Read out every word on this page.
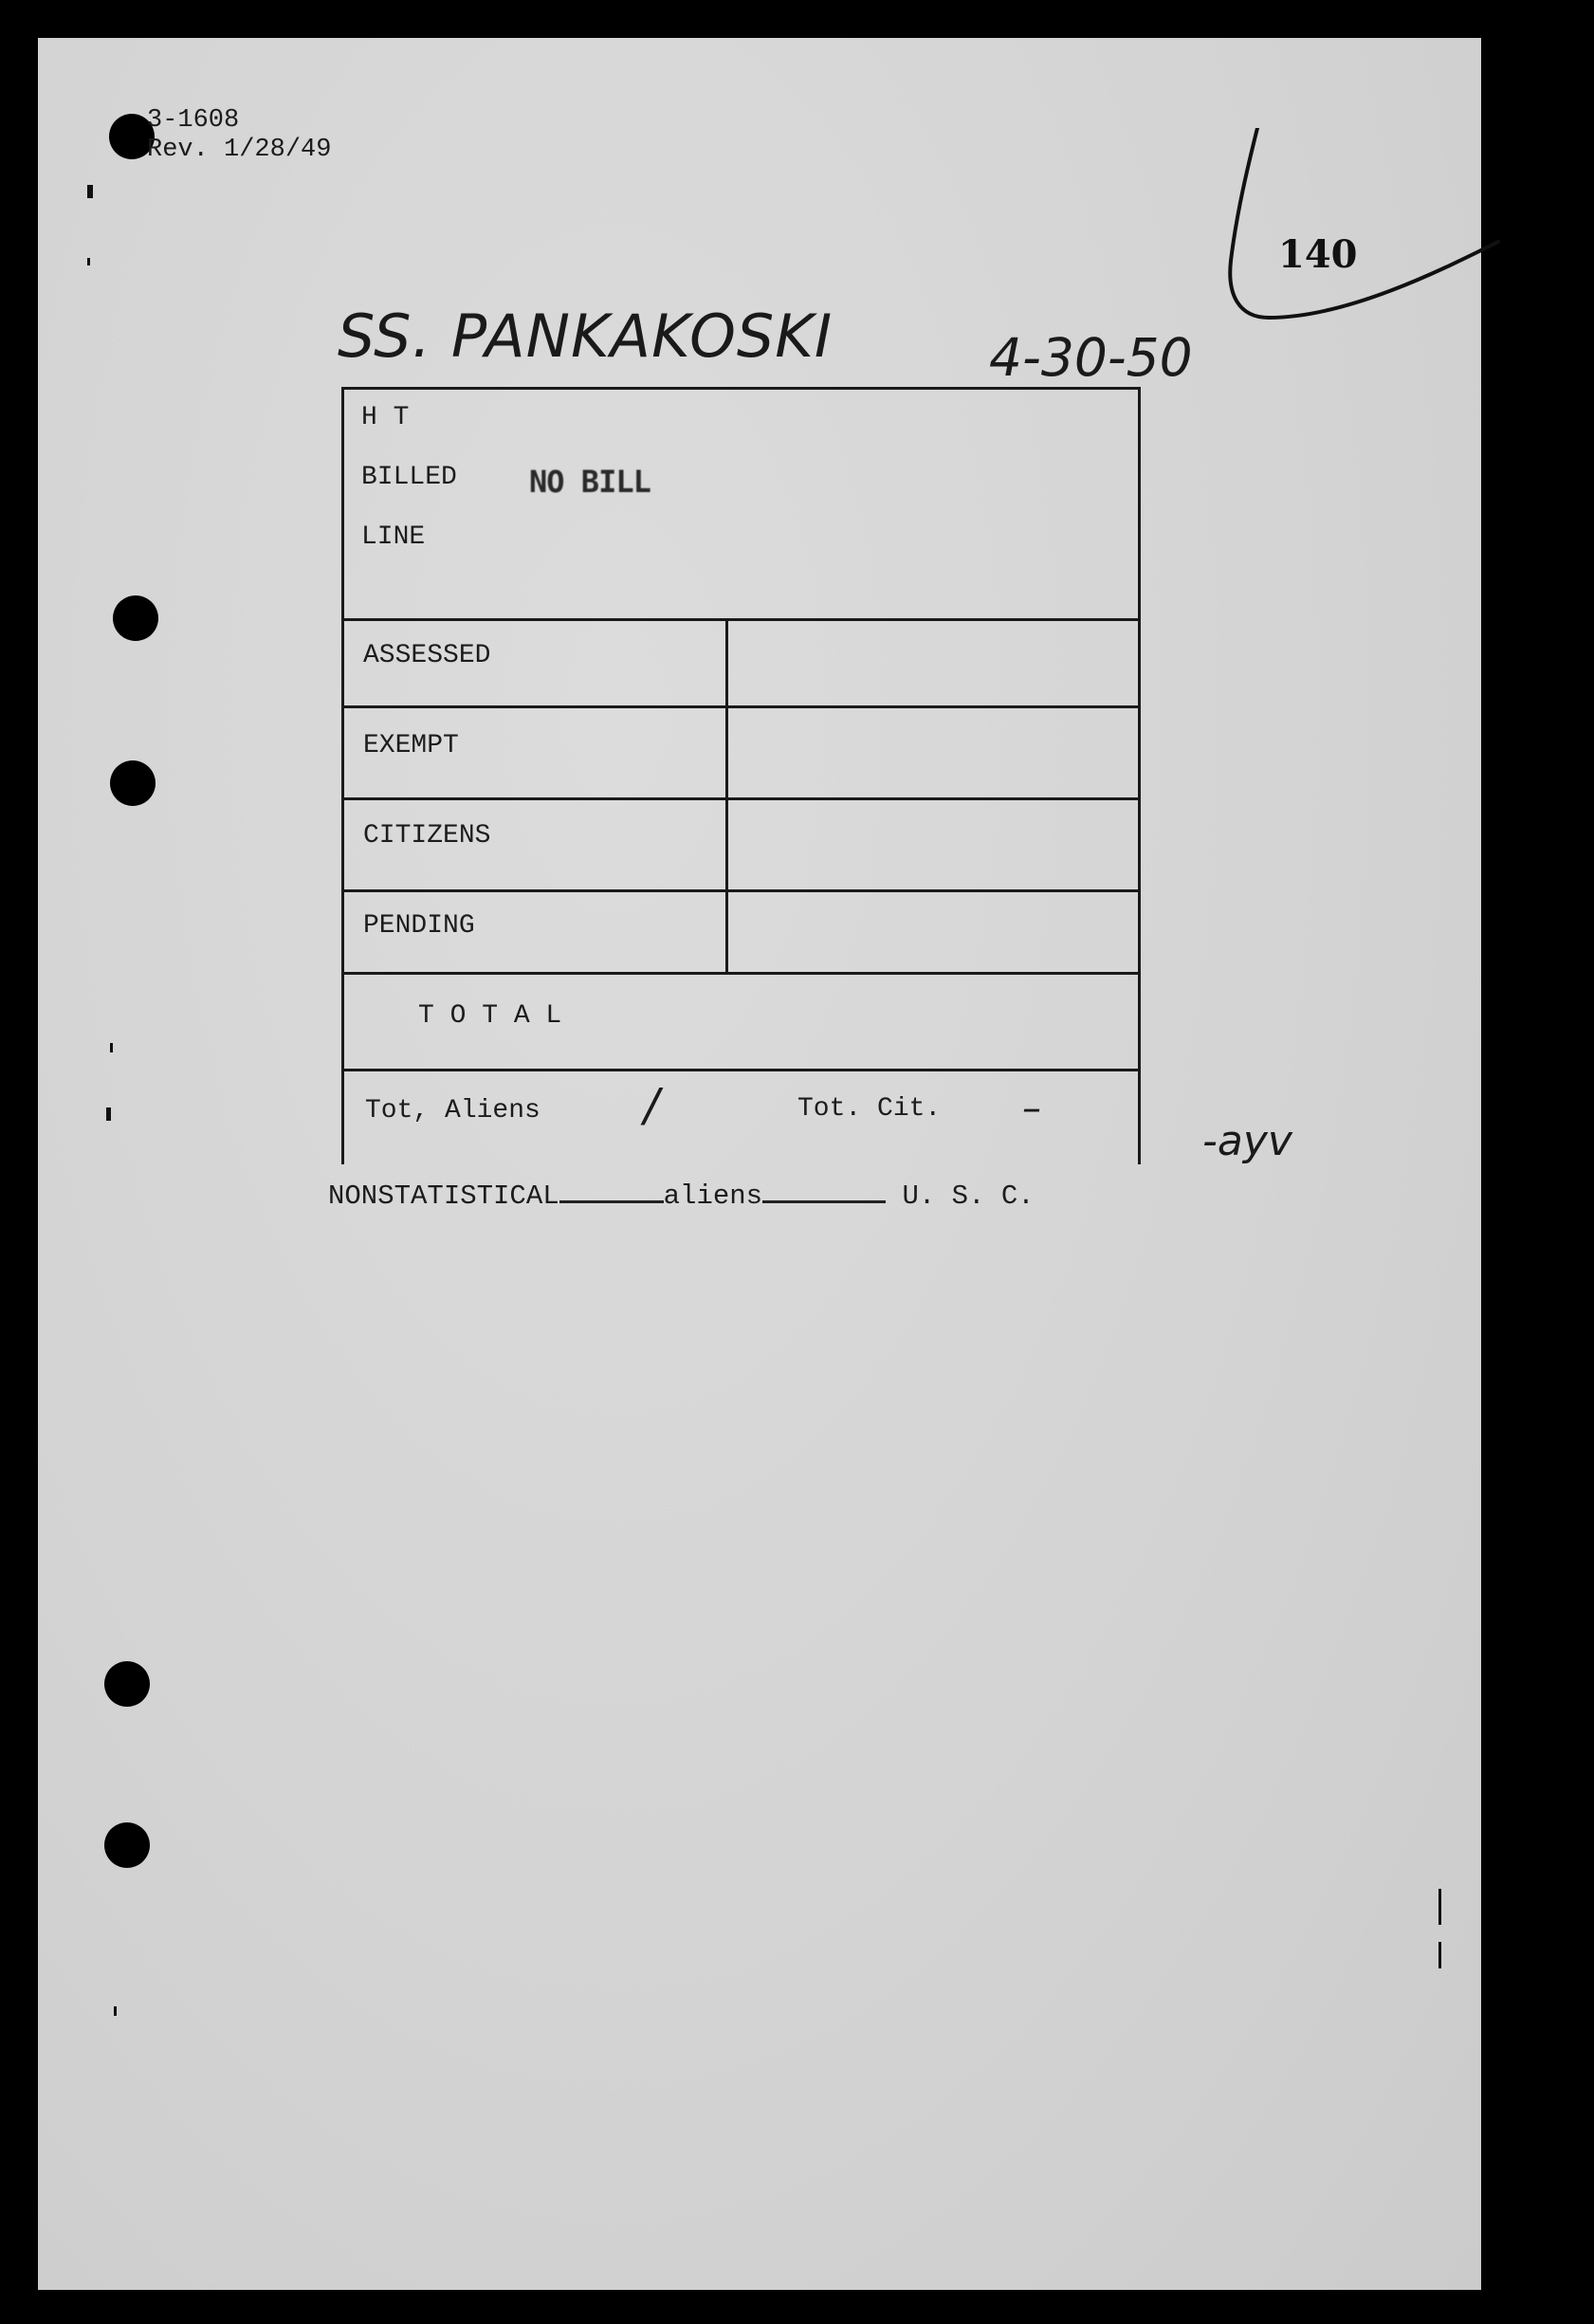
3-1608
Rev. 1/28/49
140
SS. PANKAKOSKI	4-30-50
H T
BILLED NO BILL
LINE
ASSESSED
EXEMPT
CITIZENS
PENDING
T O T A L
Tot, Aliens /	Tot. Cit. –
-ayv
NONSTATISTICAL	aliens	U. S. C.
